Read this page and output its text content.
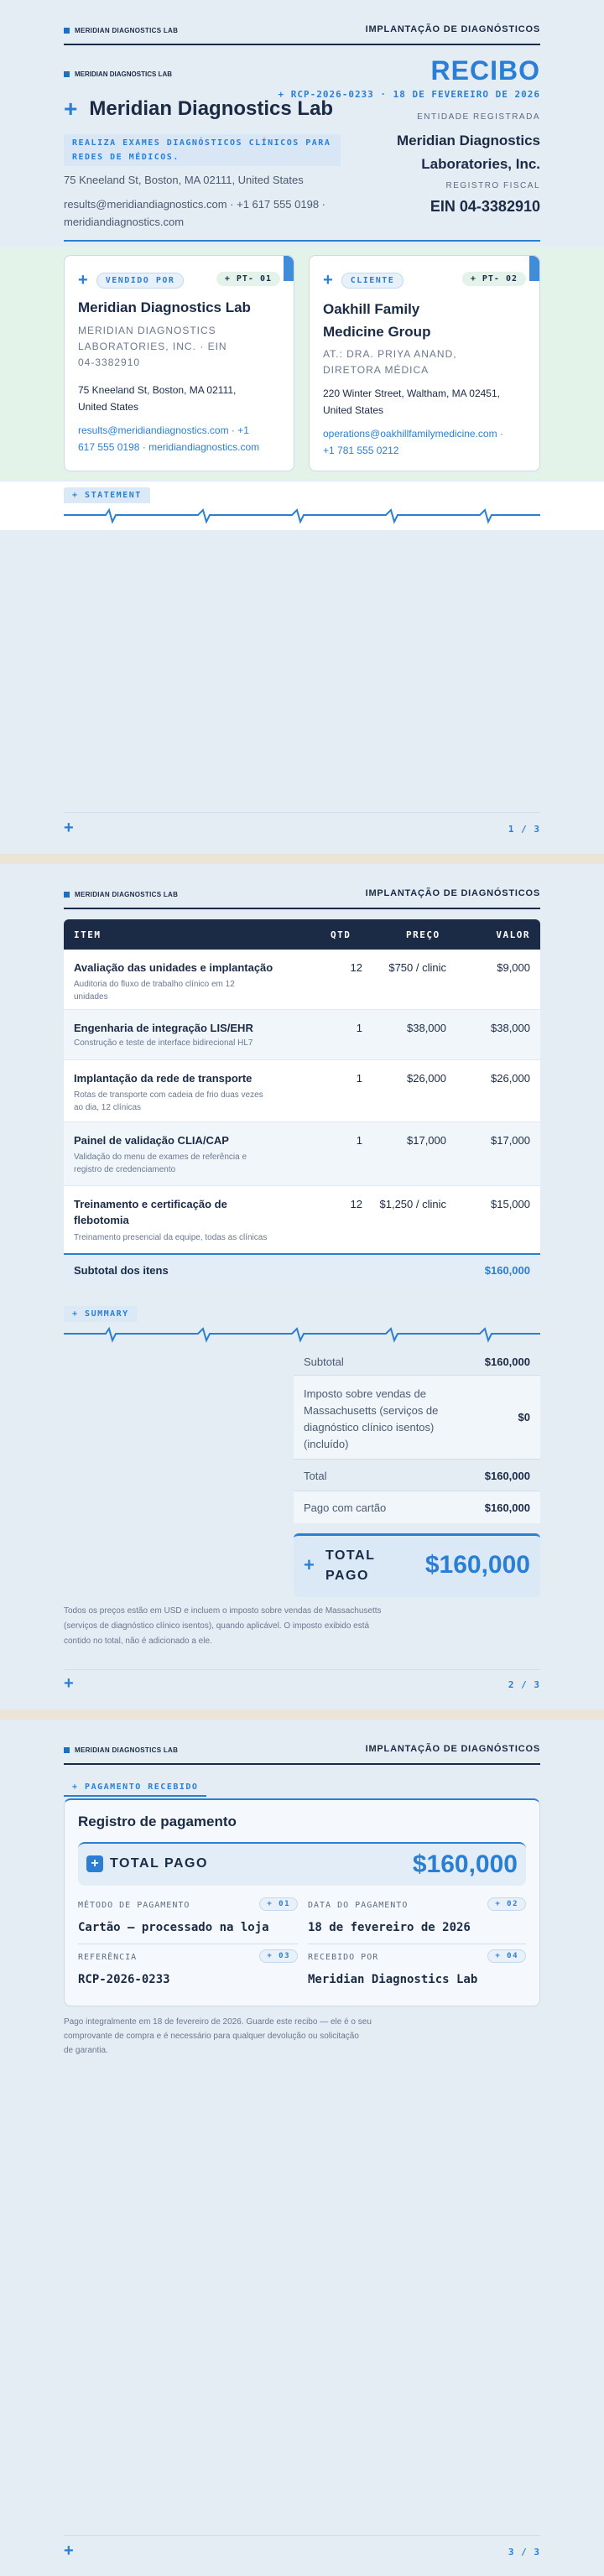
MERIDIAN DIAGNOSTICS LAB	IMPLANTAÇÃO DE DIAGNÓSTICOS
MERIDIAN DIAGNOSTICS LAB
+ Meridian Diagnostics Lab
REALIZA EXAMES DIAGNÓSTICOS CLÍNICOS PARA
REDES DE MÉDICOS.
75 Kneeland St, Boston, MA 02111, United States
results@meridiandiagnostics.com · +1 617 555 0198 ·
meridiandiagnostics.com
RECIBO
+ RCP-2026-0233 · 18 DE FEVEREIRO DE 2026
ENTIDADE REGISTRADA
Meridian Diagnostics
Laboratories, Inc.
REGISTRO FISCAL
EIN 04-3382910
+	VENDIDO POR	+ PT- 01
Meridian Diagnostics Lab
MERIDIAN DIAGNOSTICS
LABORATORIES, INC. · EIN
04-3382910
75 Kneeland St, Boston, MA 02111,
United States
results@meridiandiagnostics.com · +1
617 555 0198 · meridiandiagnostics.com
+	CLIENTE	+ PT- 02
Oakhill Family
Medicine Group
AT.: DRA. PRIYA ANAND,
DIRETORA MÉDICA
220 Winter Street, Waltham, MA 02451,
United States
operations@oakhillfamilymedicine.com ·
+1 781 555 0212
+ STATEMENT
+	1 / 3
MERIDIAN DIAGNOSTICS LAB	IMPLANTAÇÃO DE DIAGNÓSTICOS
ITEM	QTD	PREÇO	VALOR
Avaliação das unidades e implantação
Auditoria do fluxo de trabalho clínico em 12
unidades
12 $750 / clinic	$9,000
Engenharia de integração LIS/EHR
Construção e teste de interface bidirecional HL7
1	$38,000	$38,000
Implantação da rede de transporte
Rotas de transporte com cadeia de frio duas vezes
ao dia, 12 clínicas
1	$26,000	$26,000
Painel de validação CLIA/CAP
Validação do menu de exames de referência e
registro de credenciamento
1	$17,000	$17,000
Treinamento e certificação de
flebotomia
Treinamento presencial da equipe, todas as clínicas
12 $1,250 / clinic	$15,000
Subtotal dos itens	$160,000
+ SUMMARY
Subtotal	$160,000
Imposto sobre vendas de
Massachusetts (serviços de
diagnóstico clínico isentos)
(incluído)
$0
Total	$160,000
Pago com cartão	$160,000
+ TOTAL
PAGO $160,000
Todos os preços estão em USD e incluem o imposto sobre vendas de Massachusetts
(serviços de diagnóstico clínico isentos), quando aplicável. O imposto exibido está
contido no total, não é adicionado a ele.
+	2 / 3
MERIDIAN DIAGNOSTICS LAB	IMPLANTAÇÃO DE DIAGNÓSTICOS
+ PAGAMENTO RECEBIDO
Registro de pagamento
+ TOTAL PAGO	$160,000
MÉTODO DE PAGAMENTO	+ 01
Cartão — processado na loja
DATA DO PAGAMENTO	+ 02
18 de fevereiro de 2026
REFERÊNCIA	+ 03
RCP-2026-0233
RECEBIDO POR	+ 04
Meridian Diagnostics Lab
Pago integralmente em 18 de fevereiro de 2026. Guarde este recibo — ele é o seu
comprovante de compra e é necessário para qualquer devolução ou solicitação
de garantia.
+	3 / 3
